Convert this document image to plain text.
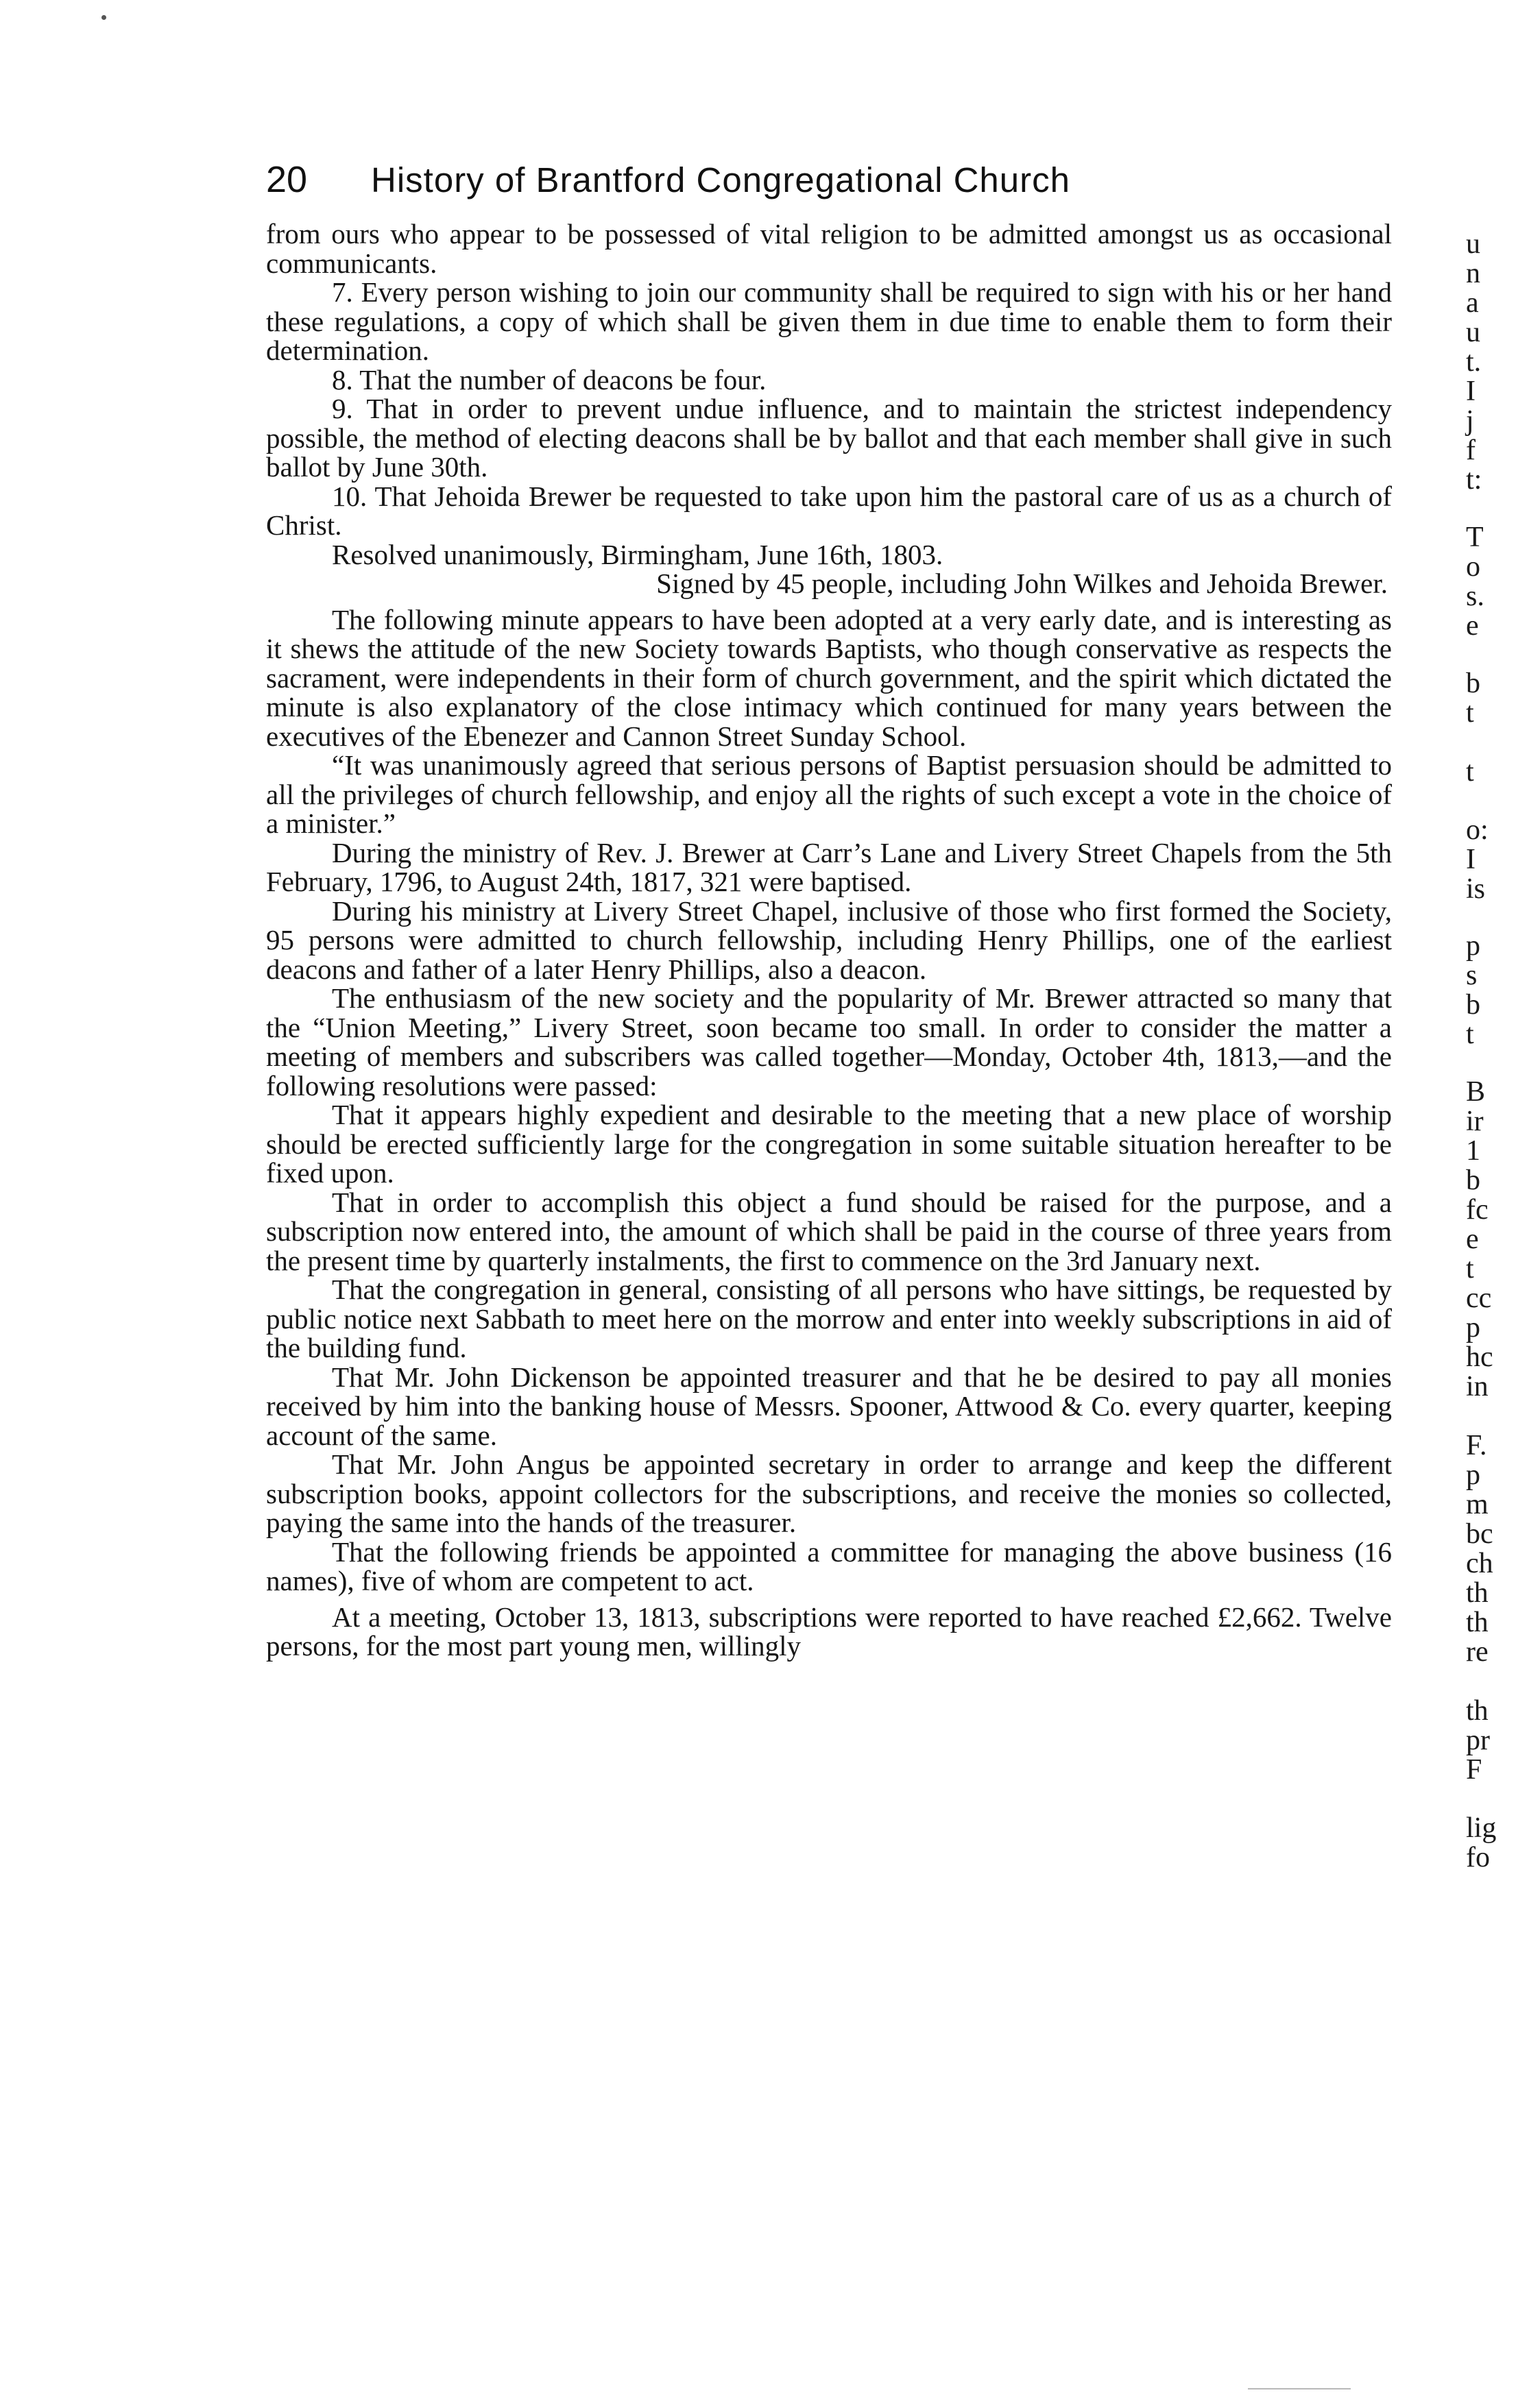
20 History of Brantford Congregational Church

from ours who appear to be possessed of vital religion to be admitted amongst us as occasional communicants.

7. Every person wishing to join our community shall be required to sign with his or her hand these regulations, a copy of which shall be given them in due time to enable them to form their determination.

8. That the number of deacons be four.

9. That in order to prevent undue influence, and to maintain the strictest independency possible, the method of electing deacons shall be by ballot and that each member shall give in such ballot by June 30th.

10. That Jehoida Brewer be requested to take upon him the pastoral care of us as a church of Christ.

Resolved unanimously, Birmingham, June 16th, 1803.

Signed by 45 people, including John Wilkes and Jehoida Brewer.

The following minute appears to have been adopted at a very early date, and is interesting as it shews the attitude of the new Society towards Baptists, who though conservative as respects the sacrament, were independents in their form of church government, and the spirit which dictated the minute is also explanatory of the close intimacy which continued for many years between the executives of the Ebenezer and Cannon Street Sunday School.

“It was unanimously agreed that serious persons of Baptist persuasion should be admitted to all the privileges of church fellowship, and enjoy all the rights of such except a vote in the choice of a minister.”

During the ministry of Rev. J. Brewer at Carr’s Lane and Livery Street Chapels from the 5th February, 1796, to August 24th, 1817, 321 were baptised.

During his ministry at Livery Street Chapel, inclusive of those who first formed the Society, 95 persons were admitted to church fellowship, including Henry Phillips, one of the earliest deacons and father of a later Henry Phillips, also a deacon.

The enthusiasm of the new society and the popularity of Mr. Brewer attracted so many that the “Union Meeting,” Livery Street, soon became too small. In order to consider the matter a meeting of members and subscribers was called together—Monday, October 4th, 1813,—and the following resolutions were passed:

That it appears highly expedient and desirable to the meeting that a new place of worship should be erected sufficiently large for the congregation in some suitable situation hereafter to be fixed upon.

That in order to accomplish this object a fund should be raised for the purpose, and a subscription now entered into, the amount of which shall be paid in the course of three years from the present time by quarterly instalments, the first to commence on the 3rd January next.

That the congregation in general, consisting of all persons who have sittings, be requested by public notice next Sabbath to meet here on the morrow and enter into weekly subscriptions in aid of the building fund.

That Mr. John Dickenson be appointed treasurer and that he be desired to pay all monies received by him into the banking house of Messrs. Spooner, Attwood & Co. every quarter, keeping account of the same.

That Mr. John Angus be appointed secretary in order to arrange and keep the different subscription books, appoint collectors for the subscriptions, and receive the monies so collected, paying the same into the hands of the treasurer.

That the following friends be appointed a committee for managing the above business (16 names), five of whom are competent to act.

At a meeting, October 13, 1813, subscriptions were reported to have reached £2,662. Twelve persons, for the most part young men, willingly

u
n
a
u
t.
I
j
f
t:
T
o
s.
e
b
t
t
o:
I
is
p
s
b
t
B
ir
1
b
fc
e
t
cc
p
hc
in
F.
p
m
bc
ch
th
th
re
th
pr
F
lig
fo
